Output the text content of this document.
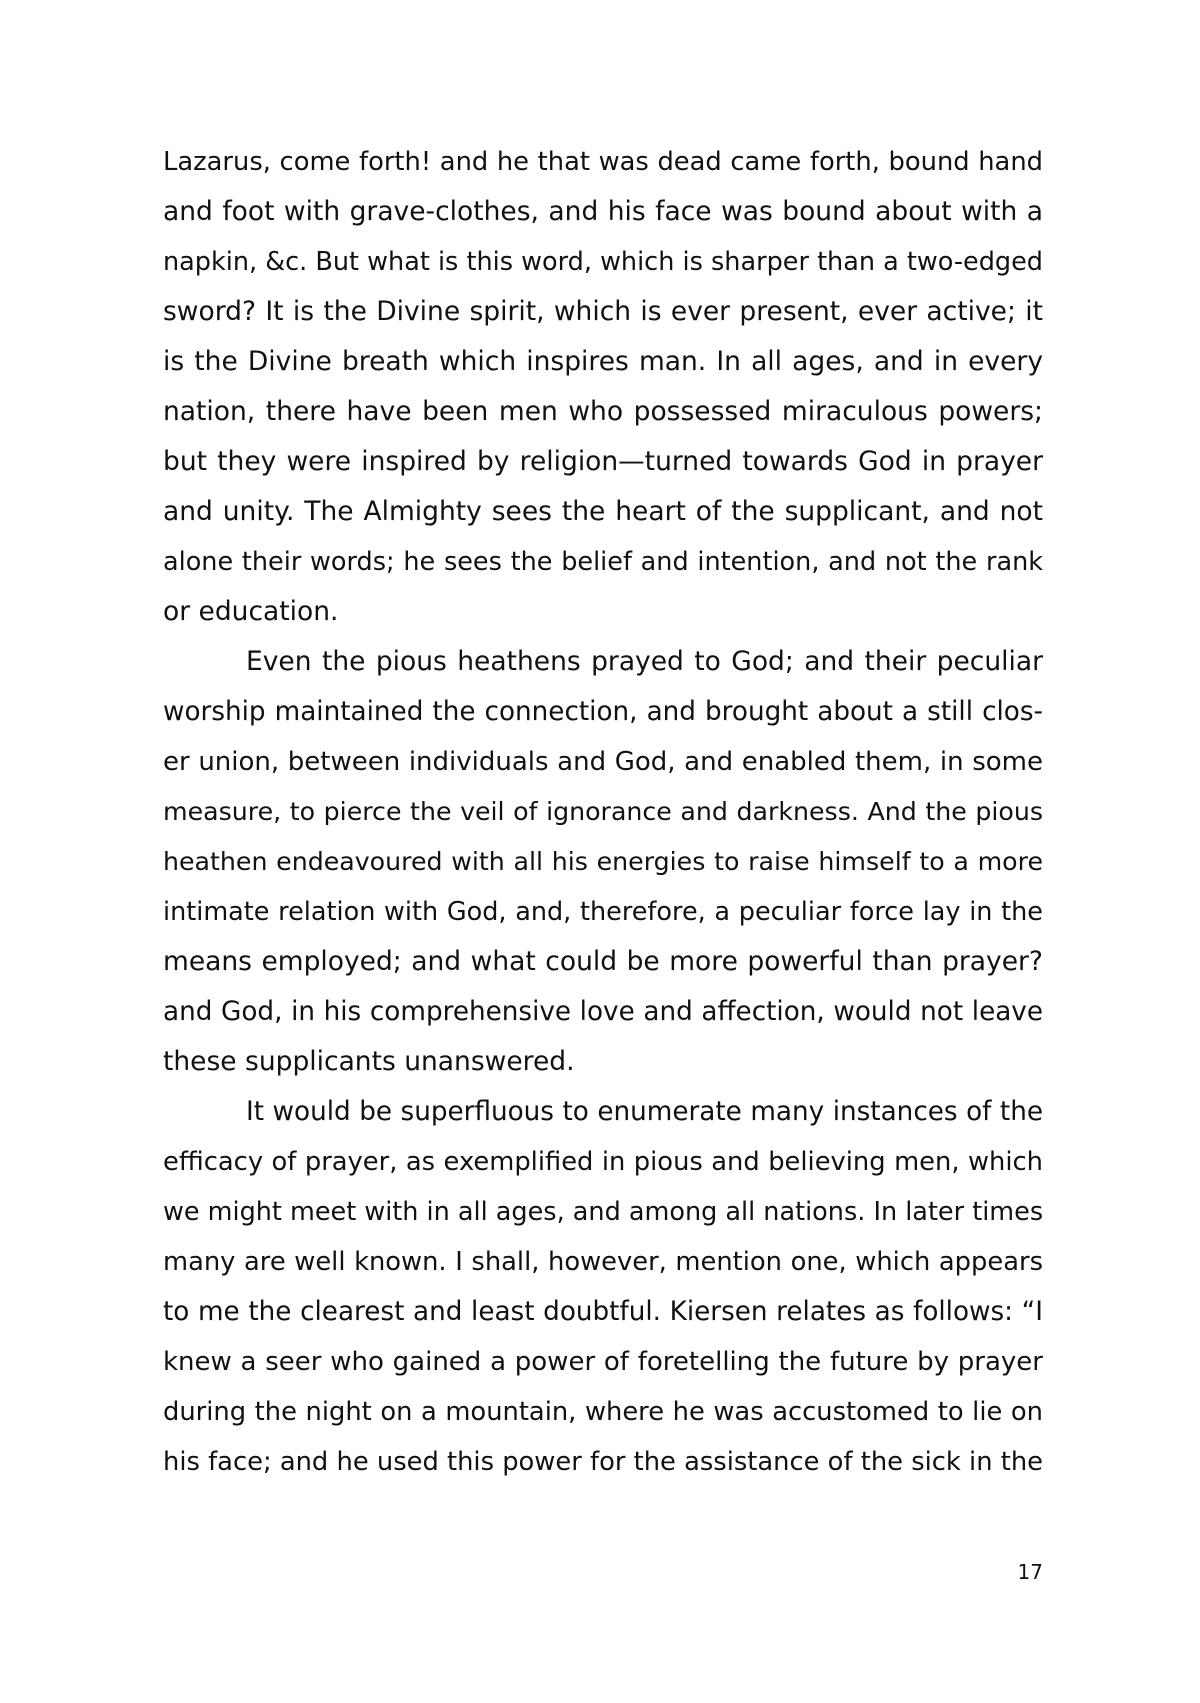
Lazarus, come forth! and he that was dead came forth, bound hand
and foot with grave-clothes, and his face was bound about with a
napkin, &c. But what is this word, which is sharper than a two-edged
sword? It is the Divine spirit, which is ever present, ever active; it
is the Divine breath which inspires man. In all ages, and in every
nation, there have been men who possessed miraculous powers;
but they were inspired by religion—turned towards God in prayer
and unity. The Almighty sees the heart of the supplicant, and not
alone their words; he sees the belief and intention, and not the rank
or education.
Even the pious heathens prayed to God; and their peculiar
worship maintained the connection, and brought about a still clos-
er union, between individuals and God, and enabled them, in some
measure, to pierce the veil of ignorance and darkness. And the pious
heathen endeavoured with all his energies to raise himself to a more
intimate relation with God, and, therefore, a peculiar force lay in the
means employed; and what could be more powerful than prayer?
and God, in his comprehensive love and affection, would not leave
these supplicants unanswered.
It would be superfluous to enumerate many instances of the
efficacy of prayer, as exemplified in pious and believing men, which
we might meet with in all ages, and among all nations. In later times
many are well known. I shall, however, mention one, which appears
to me the clearest and least doubtful. Kiersen relates as follows: “I
knew a seer who gained a power of foretelling the future by prayer
during the night on a mountain, where he was accustomed to lie on
his face; and he used this power for the assistance of the sick in the
17
